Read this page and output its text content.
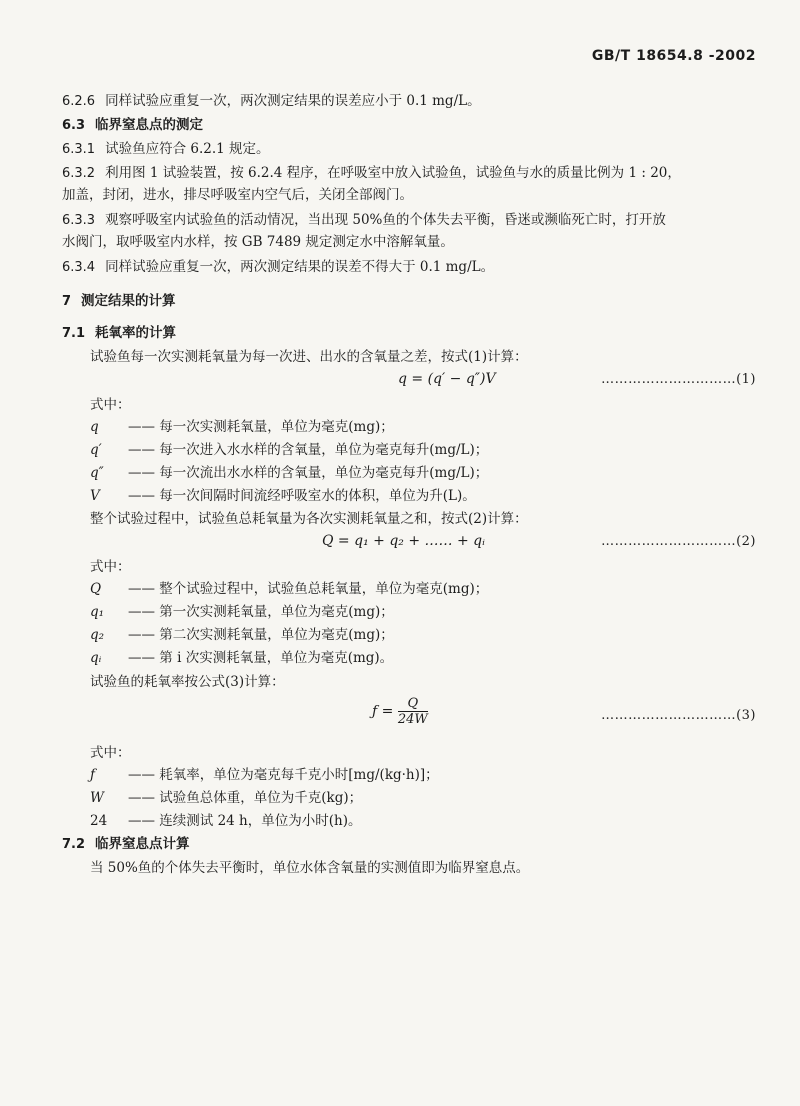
GB/T 18654.8 -2002
6.2.6 同样试验应重复一次，两次测定结果的误差应小于 0.1 mg/L。
6.3 临界窒息点的测定
6.3.1 试验鱼应符合 6.2.1 规定。
6.3.2 利用图 1 试验装置，按 6.2.4 程序，在呼吸室中放入试验鱼，试验鱼与水的质量比例为 1 : 20，
加盖，封闭，进水，排尽呼吸室内空气后，关闭全部阀门。
6.3.3 观察呼吸室内试验鱼的活动情况，当出现 50%鱼的个体失去平衡，昏迷或濒临死亡时，打开放
水阀门，取呼吸室内水样，按 GB 7489 规定测定水中溶解氧量。
6.3.4 同样试验应重复一次，两次测定结果的误差不得大于 0.1 mg/L。
7 测定结果的计算
7.1 耗氧率的计算
试验鱼每一次实测耗氧量为每一次进、出水的含氧量之差，按式(1)计算：
q = (q′ − q″)V	…………………………(1)
式中：
q —— 每一次实测耗氧量，单位为毫克(mg)；
q′ —— 每一次进入水水样的含氧量，单位为毫克每升(mg/L)；
q″ —— 每一次流出水水样的含氧量，单位为毫克每升(mg/L)；
V —— 每一次间隔时间流经呼吸室水的体积，单位为升(L)。
整个试验过程中，试验鱼总耗氧量为各次实测耗氧量之和，按式(2)计算：
Q = q₁ + q₂ + …… + qᵢ	…………………………(2)
式中：
Q —— 整个试验过程中，试验鱼总耗氧量，单位为毫克(mg)；
q₁ —— 第一次实测耗氧量，单位为毫克(mg)；
q₂ —— 第二次实测耗氧量，单位为毫克(mg)；
qᵢ —— 第 i 次实测耗氧量，单位为毫克(mg)。
试验鱼的耗氧率按公式(3)计算：
ƒ = $\frac{Q}{24W}$	…………………………(3)
式中：
ƒ —— 耗氧率，单位为毫克每千克小时[mg/(kg·h)]；
W —— 试验鱼总体重，单位为千克(kg)；
24 —— 连续测试 24 h，单位为小时(h)。
7.2 临界窒息点计算
当 50%鱼的个体失去平衡时，单位水体含氧量的实测值即为临界窒息点。
